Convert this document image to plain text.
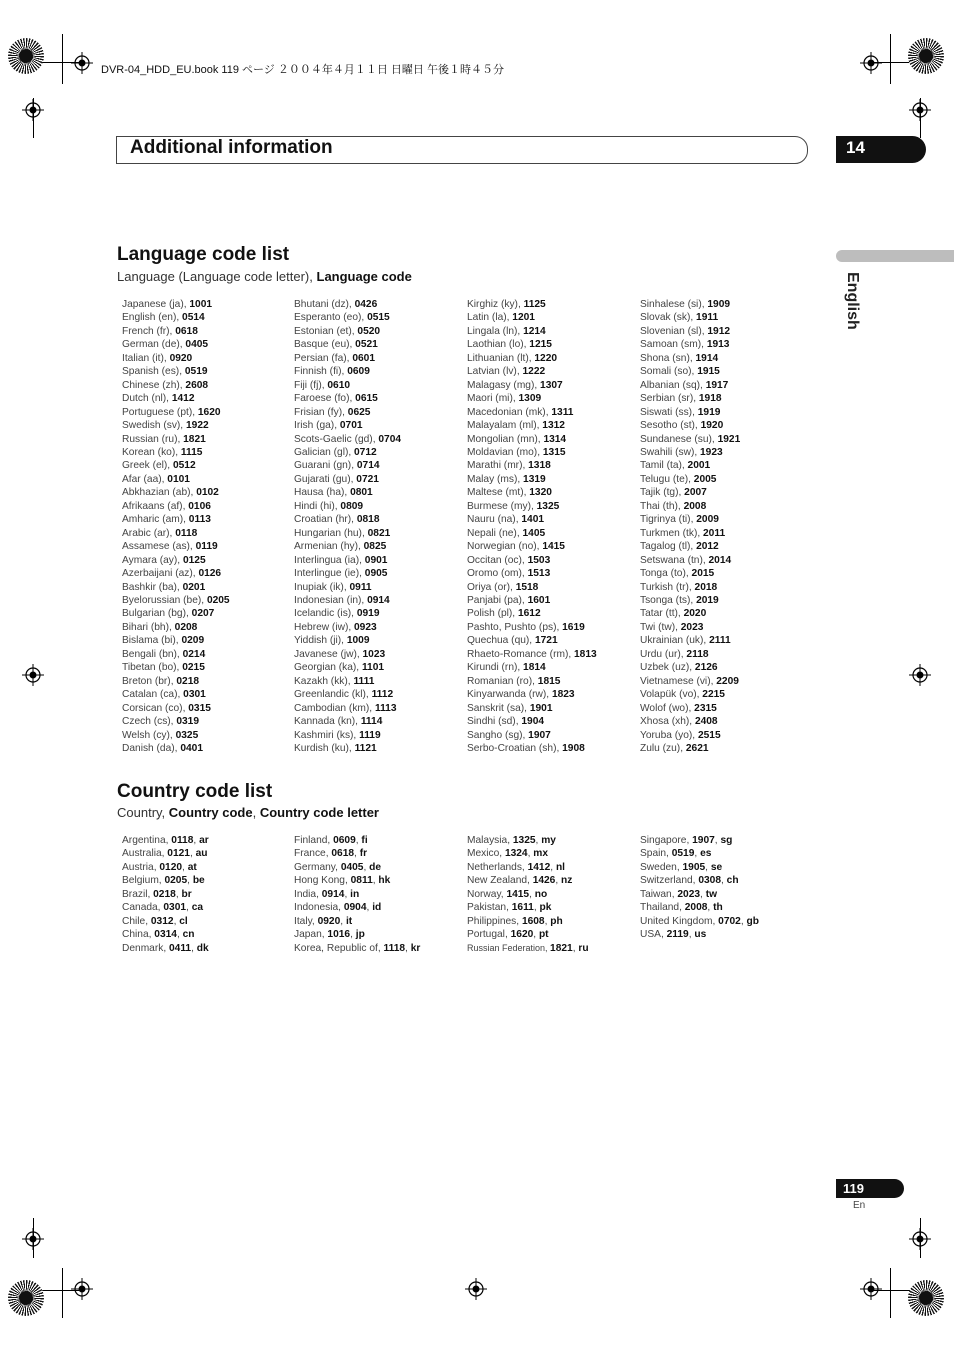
DVR-04_HDD_EU.book 119 ページ ２００４年４月１１日 日曜日 午後１時４５分
Additional information	14
English
Language code list
Language (Language code letter), Language code
Japanese (ja), 1001
English (en), 0514
French (fr), 0618
German (de), 0405
Italian (it), 0920
Spanish (es), 0519
Chinese (zh), 2608
Dutch (nl), 1412
Portuguese (pt), 1620
Swedish (sv), 1922
Russian (ru), 1821
Korean (ko), 1115
Greek (el), 0512
Afar (aa), 0101
Abkhazian (ab), 0102
Afrikaans (af), 0106
Amharic (am), 0113
Arabic (ar), 0118
Assamese (as), 0119
Aymara (ay), 0125
Azerbaijani (az), 0126
Bashkir (ba), 0201
Byelorussian (be), 0205
Bulgarian (bg), 0207
Bihari (bh), 0208
Bislama (bi), 0209
Bengali (bn), 0214
Tibetan (bo), 0215
Breton (br), 0218
Catalan (ca), 0301
Corsican (co), 0315
Czech (cs), 0319
Welsh (cy), 0325
Danish (da), 0401
Bhutani (dz), 0426
Esperanto (eo), 0515
Estonian (et), 0520
Basque (eu), 0521
Persian (fa), 0601
Finnish (fi), 0609
Fiji (fj), 0610
Faroese (fo), 0615
Frisian (fy), 0625
Irish (ga), 0701
Scots-Gaelic (gd), 0704
Galician (gl), 0712
Guarani (gn), 0714
Gujarati (gu), 0721
Hausa (ha), 0801
Hindi (hi), 0809
Croatian (hr), 0818
Hungarian (hu), 0821
Armenian (hy), 0825
Interlingua (ia), 0901
Interlingue (ie), 0905
Inupiak (ik), 0911
Indonesian (in), 0914
Icelandic (is), 0919
Hebrew (iw), 0923
Yiddish (ji), 1009
Javanese (jw), 1023
Georgian (ka), 1101
Kazakh (kk), 1111
Greenlandic (kl), 1112
Cambodian (km), 1113
Kannada (kn), 1114
Kashmiri (ks), 1119
Kurdish (ku), 1121
Kirghiz (ky), 1125
Latin (la), 1201
Lingala (ln), 1214
Laothian (lo), 1215
Lithuanian (lt), 1220
Latvian (lv), 1222
Malagasy (mg), 1307
Maori (mi), 1309
Macedonian (mk), 1311
Malayalam (ml), 1312
Mongolian (mn), 1314
Moldavian (mo), 1315
Marathi (mr), 1318
Malay (ms), 1319
Maltese (mt), 1320
Burmese (my), 1325
Nauru (na), 1401
Nepali (ne), 1405
Norwegian (no), 1415
Occitan (oc), 1503
Oromo (om), 1513
Oriya (or), 1518
Panjabi (pa), 1601
Polish (pl), 1612
Pashto, Pushto (ps), 1619
Quechua (qu), 1721
Rhaeto-Romance (rm), 1813
Kirundi (rn), 1814
Romanian (ro), 1815
Kinyarwanda (rw), 1823
Sanskrit (sa), 1901
Sindhi (sd), 1904
Sangho (sg), 1907
Serbo-Croatian (sh), 1908
Sinhalese (si), 1909
Slovak (sk), 1911
Slovenian (sl), 1912
Samoan (sm), 1913
Shona (sn), 1914
Somali (so), 1915
Albanian (sq), 1917
Serbian (sr), 1918
Siswati (ss), 1919
Sesotho (st), 1920
Sundanese (su), 1921
Swahili (sw), 1923
Tamil (ta), 2001
Telugu (te), 2005
Tajik (tg), 2007
Thai (th), 2008
Tigrinya (ti), 2009
Turkmen (tk), 2011
Tagalog (tl), 2012
Setswana (tn), 2014
Tonga (to), 2015
Turkish (tr), 2018
Tsonga (ts), 2019
Tatar (tt), 2020
Twi (tw), 2023
Ukrainian (uk), 2111
Urdu (ur), 2118
Uzbek (uz), 2126
Vietnamese (vi), 2209
Volapük (vo), 2215
Wolof (wo), 2315
Xhosa (xh), 2408
Yoruba (yo), 2515
Zulu (zu), 2621
Country code list
Country, Country code, Country code letter
Argentina, 0118, ar
Australia, 0121, au
Austria, 0120, at
Belgium, 0205, be
Brazil, 0218, br
Canada, 0301, ca
Chile, 0312, cl
China, 0314, cn
Denmark, 0411, dk
Finland, 0609, fi
France, 0618, fr
Germany, 0405, de
Hong Kong, 0811, hk
India, 0914, in
Indonesia, 0904, id
Italy, 0920, it
Japan, 1016, jp
Korea, Republic of, 1118, kr
Malaysia, 1325, my
Mexico, 1324, mx
Netherlands, 1412, nl
New Zealand, 1426, nz
Norway, 1415, no
Pakistan, 1611, pk
Philippines, 1608, ph
Portugal, 1620, pt
Russian Federation, 1821, ru
Singapore, 1907, sg
Spain, 0519, es
Sweden, 1905, se
Switzerland, 0308, ch
Taiwan, 2023, tw
Thailand, 2008, th
United Kingdom, 0702, gb
USA, 2119, us
119
En
